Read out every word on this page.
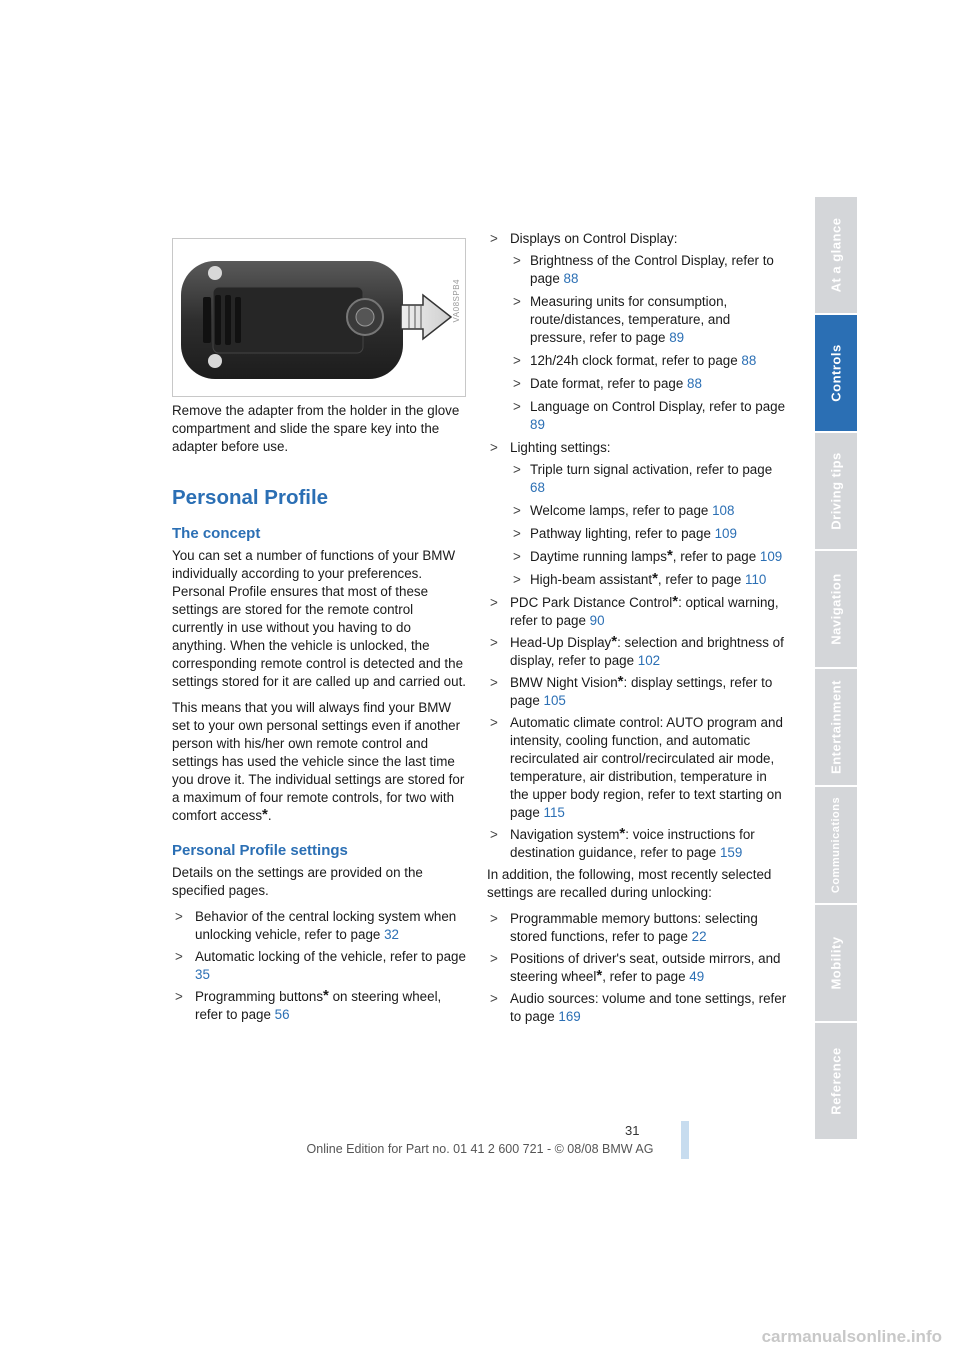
VA08SPB4

Remove the adapter from the holder in the glove compartment and slide the spare key into the adapter before use.

Personal Profile
The concept

You can set a number of functions of your BMW individually according to your preferences. Personal Profile ensures that most of these settings are stored for the remote control currently in use without you having to do anything. When the vehicle is unlocked, the corresponding remote control is detected and the settings stored for it are called up and carried out.

This means that you will always find your BMW set to your own personal settings even if another person with his/her own remote control and settings has used the vehicle since the last time you drove it. The individual settings are stored for a maximum of four remote controls, for two with comfort access*.

Personal Profile settings

Details on the settings are provided on the specified pages.

> Behavior of the central locking system when unlocking vehicle, refer to page 32
> Automatic locking of the vehicle, refer to page 35
> Programming buttons* on steering wheel, refer to page 56
> Displays on Control Display:
> Brightness of the Control Display, refer to page 88
> Measuring units for consumption, route/distances, temperature, and pressure, refer to page 89
> 12h/24h clock format, refer to page 88
> Date format, refer to page 88
> Language on Control Display, refer to page 89
> Lighting settings:
> Triple turn signal activation, refer to page 68
> Welcome lamps, refer to page 108
> Pathway lighting, refer to page 109
> Daytime running lamps*, refer to page 109
> High-beam assistant*, refer to page 110
> PDC Park Distance Control*: optical warning, refer to page 90
> Head-Up Display*: selection and brightness of display, refer to page 102
> BMW Night Vision*: display settings, refer to page 105
> Automatic climate control: AUTO program and intensity, cooling function, and automatic recirculated air control/recirculated air mode, temperature, air distribution, temperature in the upper body region, refer to text starting on page 115
> Navigation system*: voice instructions for destination guidance, refer to page 159

In addition, the following, most recently selected settings are recalled during unlocking:

> Programmable memory buttons: selecting stored functions, refer to page 22
> Positions of driver's seat, outside mirrors, and steering wheel*, refer to page 49
> Audio sources: volume and tone settings, refer to page 169
At a glance
Controls
Driving tips
Navigation
Entertainment
Communications
Mobility
Reference
31
Online Edition for Part no. 01 41 2 600 721 - © 08/08 BMW AG
carmanualsonline.info
